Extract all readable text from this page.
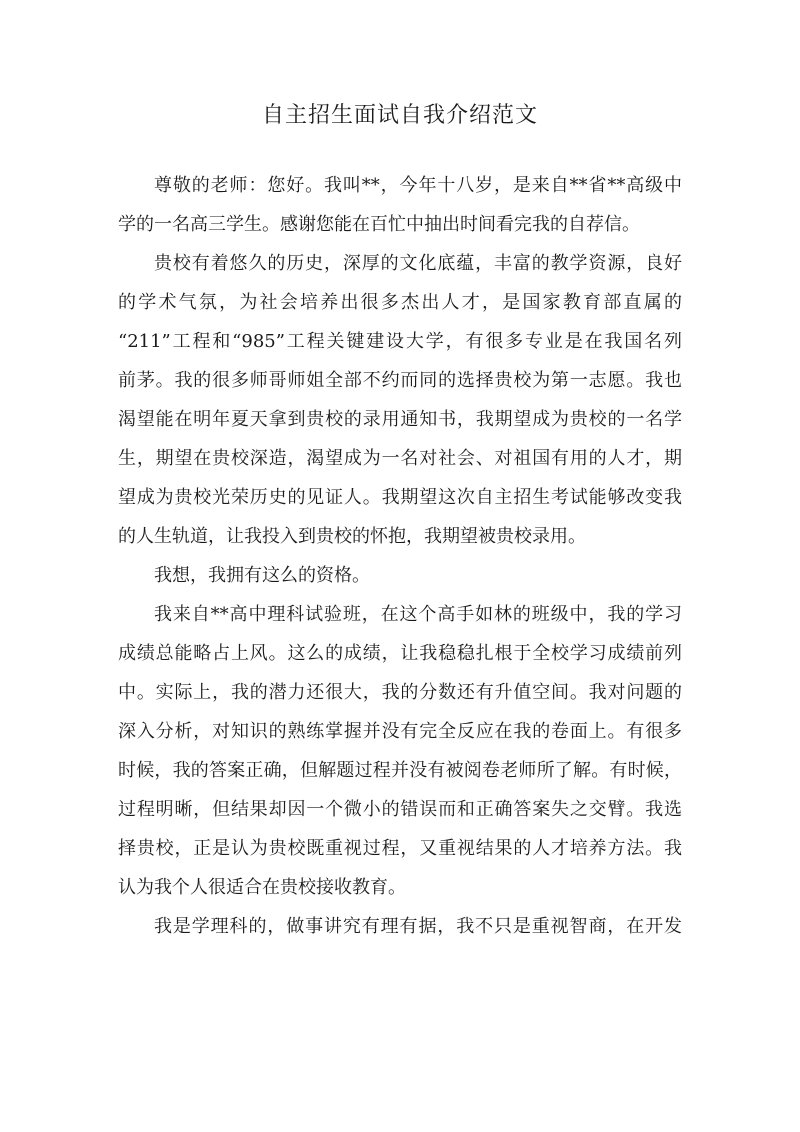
自主招生面试自我介绍范文
尊敬的老师：您好。我叫**，今年十八岁，是来自**省**高级中
学的一名高三学生。感谢您能在百忙中抽出时间看完我的自荐信。
贵校有着悠久的历史，深厚的文化底蕴，丰富的教学资源，良好
的学术气氛，为社会培养出很多杰出人才，是国家教育部直属的
“211”工程和“985”工程关键建设大学，有很多专业是在我国名列
前茅。我的很多师哥师姐全部不约而同的选择贵校为第一志愿。我也
渴望能在明年夏天拿到贵校的录用通知书，我期望成为贵校的一名学
生，期望在贵校深造，渴望成为一名对社会、对祖国有用的人才，期
望成为贵校光荣历史的见证人。我期望这次自主招生考试能够改变我
的人生轨道，让我投入到贵校的怀抱，我期望被贵校录用。
我想，我拥有这么的资格。
我来自**高中理科试验班，在这个高手如林的班级中，我的学习
成绩总能略占上风。这么的成绩，让我稳稳扎根于全校学习成绩前列
中。实际上，我的潜力还很大，我的分数还有升值空间。我对问题的
深入分析，对知识的熟练掌握并没有完全反应在我的卷面上。有很多
时候，我的答案正确，但解题过程并没有被阅卷老师所了解。有时候，
过程明晰，但结果却因一个微小的错误而和正确答案失之交臂。我选
择贵校，正是认为贵校既重视过程，又重视结果的人才培养方法。我
认为我个人很适合在贵校接收教育。
我是学理科的，做事讲究有理有据，我不只是重视智商，在开发
